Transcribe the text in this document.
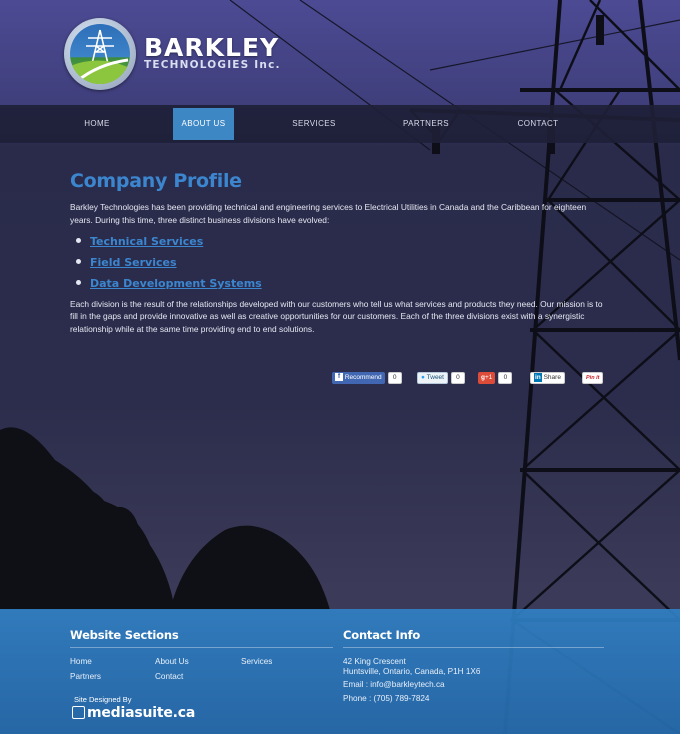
BARKLEY
TECHNOLOGIES Inc.
HOME	ABOUT US	SERVICES	PARTNERS	CONTACT
Company Profile

Barkley Technologies has been providing technical and engineering services to Electrical Utilities in Canada and the Caribbean for eighteen years. During this time, three distinct business divisions have evolved:

Technical Services
Field Services
Data Development Systems

Each division is the result of the relationships developed with our customers who tell us what services and products they need. Our mission is to fill in the gaps and provide innovative as well as creative opportunities for our customers. Each of the three divisions exist with a synergistic relationship while at the same time providing end to end solutions.

f Recommend 0	● Tweet 0	g+1 0	in Share	Pin it
Website Sections
Home	About Us	Services
Partners	Contact
Site Designed By
mediasuite.ca
Contact Info
42 King Crescent
Huntsville, Ontario, Canada, P1H 1X6
Email : info@barkleytech.ca
Phone : (705) 789-7824
